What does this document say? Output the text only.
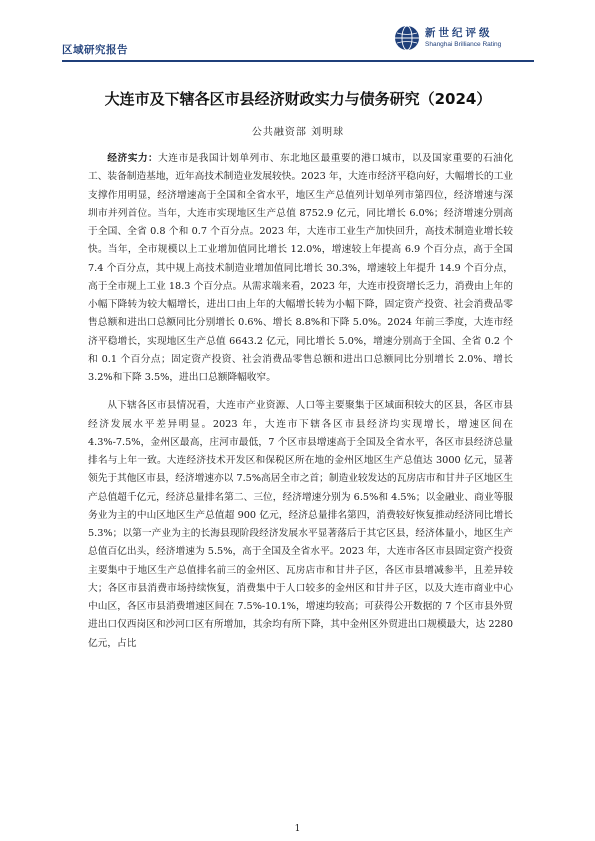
区域研究报告
新世纪评级
Shanghai Brilliance Rating
大连市及下辖各区市县经济财政实力与债务研究（2024）
公共融资部 刘明球

经济实力：大连市是我国计划单列市、东北地区最重要的港口城市，以及国家重要的石油化工、装备制造基地，近年高技术制造业发展较快。2023 年，大连市经济平稳向好，大幅增长的工业支撑作用明显，经济增速高于全国和全省水平，地区生产总值列计划单列市第四位，经济增速与深圳市并列首位。当年，大连市实现地区生产总值 8752.9 亿元，同比增长 6.0%；经济增速分别高于全国、全省 0.8 个和 0.7 个百分点。2023 年，大连市工业生产加快回升，高技术制造业增长较快。当年，全市规模以上工业增加值同比增长 12.0%，增速较上年提高 6.9 个百分点，高于全国 7.4 个百分点，其中规上高技术制造业增加值同比增长 30.3%，增速较上年提升 14.9 个百分点，高于全市规上工业 18.3 个百分点。从需求端来看，2023 年，大连市投资增长乏力，消费由上年的小幅下降转为较大幅增长，进出口由上年的大幅增长转为小幅下降，固定资产投资、社会消费品零售总额和进出口总额同比分别增长 0.6%、增长 8.8%和下降 5.0%。2024 年前三季度，大连市经济平稳增长，实现地区生产总值 6643.2 亿元，同比增长 5.0%，增速分别高于全国、全省 0.2 个和 0.1 个百分点；固定资产投资、社会消费品零售总额和进出口总额同比分别增长 2.0%、增长 3.2%和下降 3.5%，进出口总额降幅收窄。

从下辖各区市县情况看，大连市产业资源、人口等主要聚集于区域面积较大的区县，各区市县经济发展水平差异明显。2023 年，大连市下辖各区市县经济均实现增长，增速区间在 4.3%-7.5%，金州区最高，庄河市最低，7 个区市县增速高于全国及全省水平，各区市县经济总量排名与上年一致。大连经济技术开发区和保税区所在地的金州区地区生产总值达 3000 亿元，显著领先于其他区市县，经济增速亦以 7.5%高居全市之首；制造业较发达的瓦房店市和甘井子区地区生产总值超千亿元，经济总量排名第二、三位，经济增速分别为 6.5%和 4.5%；以金融业、商业等服务业为主的中山区地区生产总值超 900 亿元，经济总量排名第四，消费较好恢复推动经济同比增长 5.3%；以第一产业为主的长海县现阶段经济发展水平显著落后于其它区县，经济体量小，地区生产总值百亿出头，经济增速为 5.5%，高于全国及全省水平。2023 年，大连市各区市县固定资产投资主要集中于地区生产总值排名前三的金州区、瓦房店市和甘井子区，各区市县增减参半，且差异较大；各区市县消费市场持续恢复，消费集中于人口较多的金州区和甘井子区，以及大连市商业中心中山区，各区市县消费增速区间在 7.5%-10.1%，增速均较高；可获得公开数据的 7 个区市县外贸进出口仅西岗区和沙河口区有所增加，其余均有所下降，其中金州区外贸进出口规模最大，达 2280 亿元，占比

1
